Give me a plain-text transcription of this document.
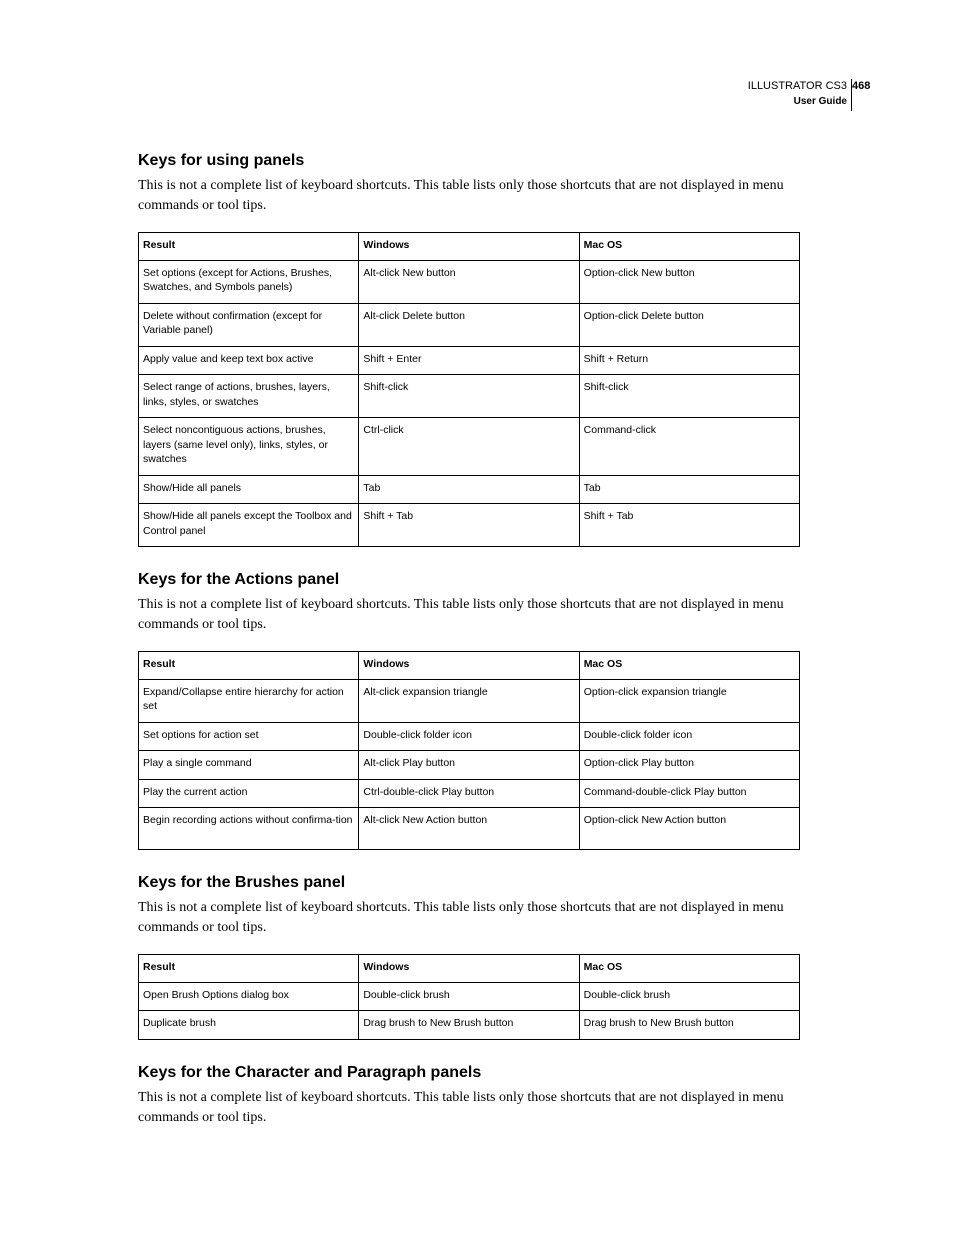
ILLUSTRATOR CS3
User Guide
468
Keys for using panels

This is not a complete list of keyboard shortcuts. This table lists only those shortcuts that are not displayed in menu commands or tool tips.

Result	Windows	Mac OS
Set options (except for Actions, Brushes, Swatches, and Symbols panels)	Alt-click New button	Option-click New button
Delete without confirmation (except for Variable panel)	Alt-click Delete button	Option-click Delete button
Apply value and keep text box active	Shift + Enter	Shift + Return
Select range of actions, brushes, layers, links, styles, or swatches	Shift-click	Shift-click
Select noncontiguous actions, brushes, layers (same level only), links, styles, or swatches	Ctrl-click	Command-click
Show/Hide all panels	Tab	Tab
Show/Hide all panels except the Toolbox and Control panel	Shift + Tab	Shift + Tab
Keys for the Actions panel

This is not a complete list of keyboard shortcuts. This table lists only those shortcuts that are not displayed in menu commands or tool tips.

Result	Windows	Mac OS
Expand/Collapse entire hierarchy for action set	Alt-click expansion triangle	Option-click expansion triangle
Set options for action set	Double-click folder icon	Double-click folder icon
Play a single command	Alt-click Play button	Option-click Play button
Play the current action	Ctrl-double-click Play button	Command-double-click Play button
Begin recording actions without confirma-tion	Alt-click New Action button	Option-click New Action button
Keys for the Brushes panel

This is not a complete list of keyboard shortcuts. This table lists only those shortcuts that are not displayed in menu commands or tool tips.

Result	Windows	Mac OS
Open Brush Options dialog box	Double-click brush	Double-click brush
Duplicate brush	Drag brush to New Brush button	Drag brush to New Brush button
Keys for the Character and Paragraph panels

This is not a complete list of keyboard shortcuts. This table lists only those shortcuts that are not displayed in menu commands or tool tips.
